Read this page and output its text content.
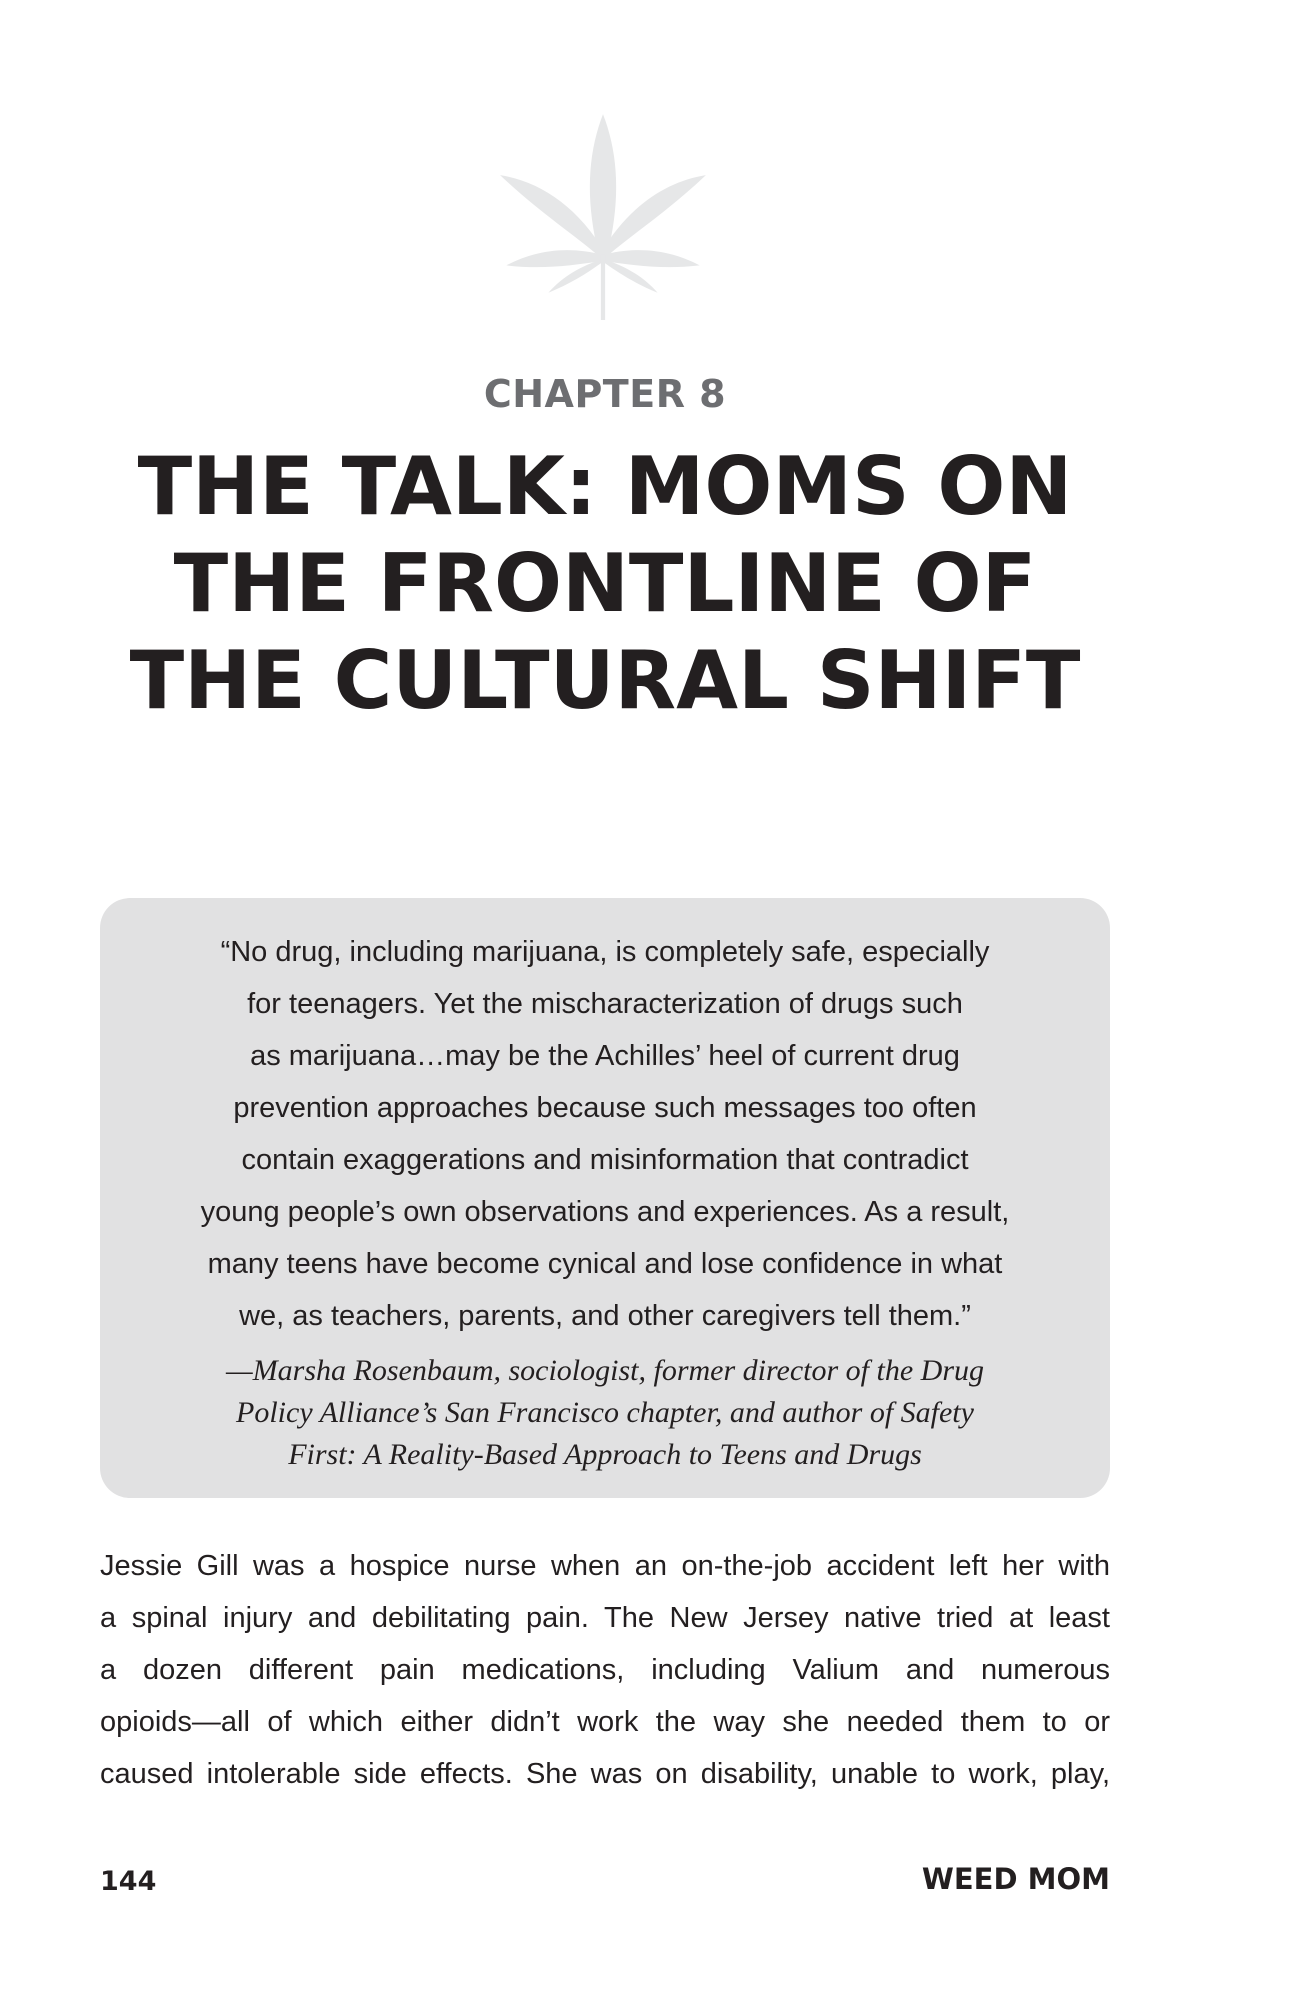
CHAPTER 8
THE TALK: MOMS ON
THE FRONTLINE OF
THE CULTURAL SHIFT
“No drug, including marijuana, is completely safe, especially
for teenagers. Yet the mischaracterization of drugs such
as marijuana…may be the Achilles’ heel of current drug
prevention approaches because such messages too often
contain exaggerations and misinformation that contradict
young people’s own observations and experiences. As a result,
many teens have become cynical and lose confidence in what
we, as teachers, parents, and other caregivers tell them.”
—Marsha Rosenbaum, sociologist, former director of the Drug
Policy Alliance’s San Francisco chapter, and author of Safety
First: A Reality-Based Approach to Teens and Drugs
Jessie Gill was a hospice nurse when an on-the-job accident left her with
a spinal injury and debilitating pain. The New Jersey native tried at least
a dozen different pain medications, including Valium and numerous
opioids—all of which either didn’t work the way she needed them to or
caused intolerable side effects. She was on disability, unable to work, play,
144	WEED MOM
